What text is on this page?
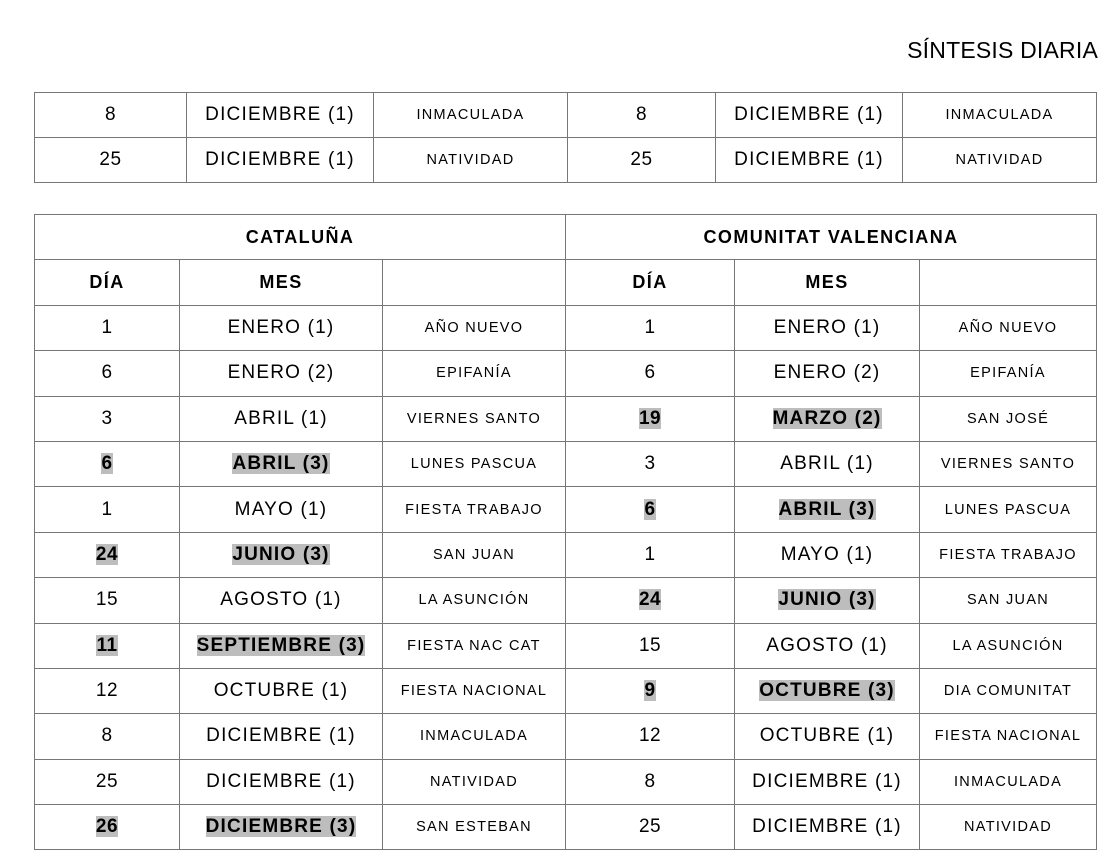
SÍNTESIS DIARIA
8	DICIEMBRE (1)	INMACULADA	8	DICIEMBRE (1)	INMACULADA
25	DICIEMBRE (1)	NATIVIDAD	25	DICIEMBRE (1)	NATIVIDAD
CATALUÑA			COMUNITAT VALENCIANA		
DÍA	MES		DÍA	MES	
1	ENERO (1)	AÑO NUEVO	1	ENERO (1)	AÑO NUEVO
6	ENERO (2)	EPIFANÍA	6	ENERO (2)	EPIFANÍA
3	ABRIL (1)	VIERNES SANTO	19	MARZO (2)	SAN JOSÉ
6	ABRIL (3)	LUNES PASCUA	3	ABRIL (1)	VIERNES SANTO
1	MAYO (1)	FIESTA TRABAJO	6	ABRIL (3)	LUNES PASCUA
24	JUNIO (3)	SAN JUAN	1	MAYO (1)	FIESTA TRABAJO
15	AGOSTO (1)	LA ASUNCIÓN	24	JUNIO (3)	SAN JUAN
11	SEPTIEMBRE (3)	FIESTA NAC CAT	15	AGOSTO (1)	LA ASUNCIÓN
12	OCTUBRE (1)	FIESTA NACIONAL	9	OCTUBRE (3)	DIA COMUNITAT
8	DICIEMBRE (1)	INMACULADA	12	OCTUBRE (1)	FIESTA NACIONAL
25	DICIEMBRE (1)	NATIVIDAD	8	DICIEMBRE (1)	INMACULADA
26	DICIEMBRE (3)	SAN ESTEBAN	25	DICIEMBRE (1)	NATIVIDAD
